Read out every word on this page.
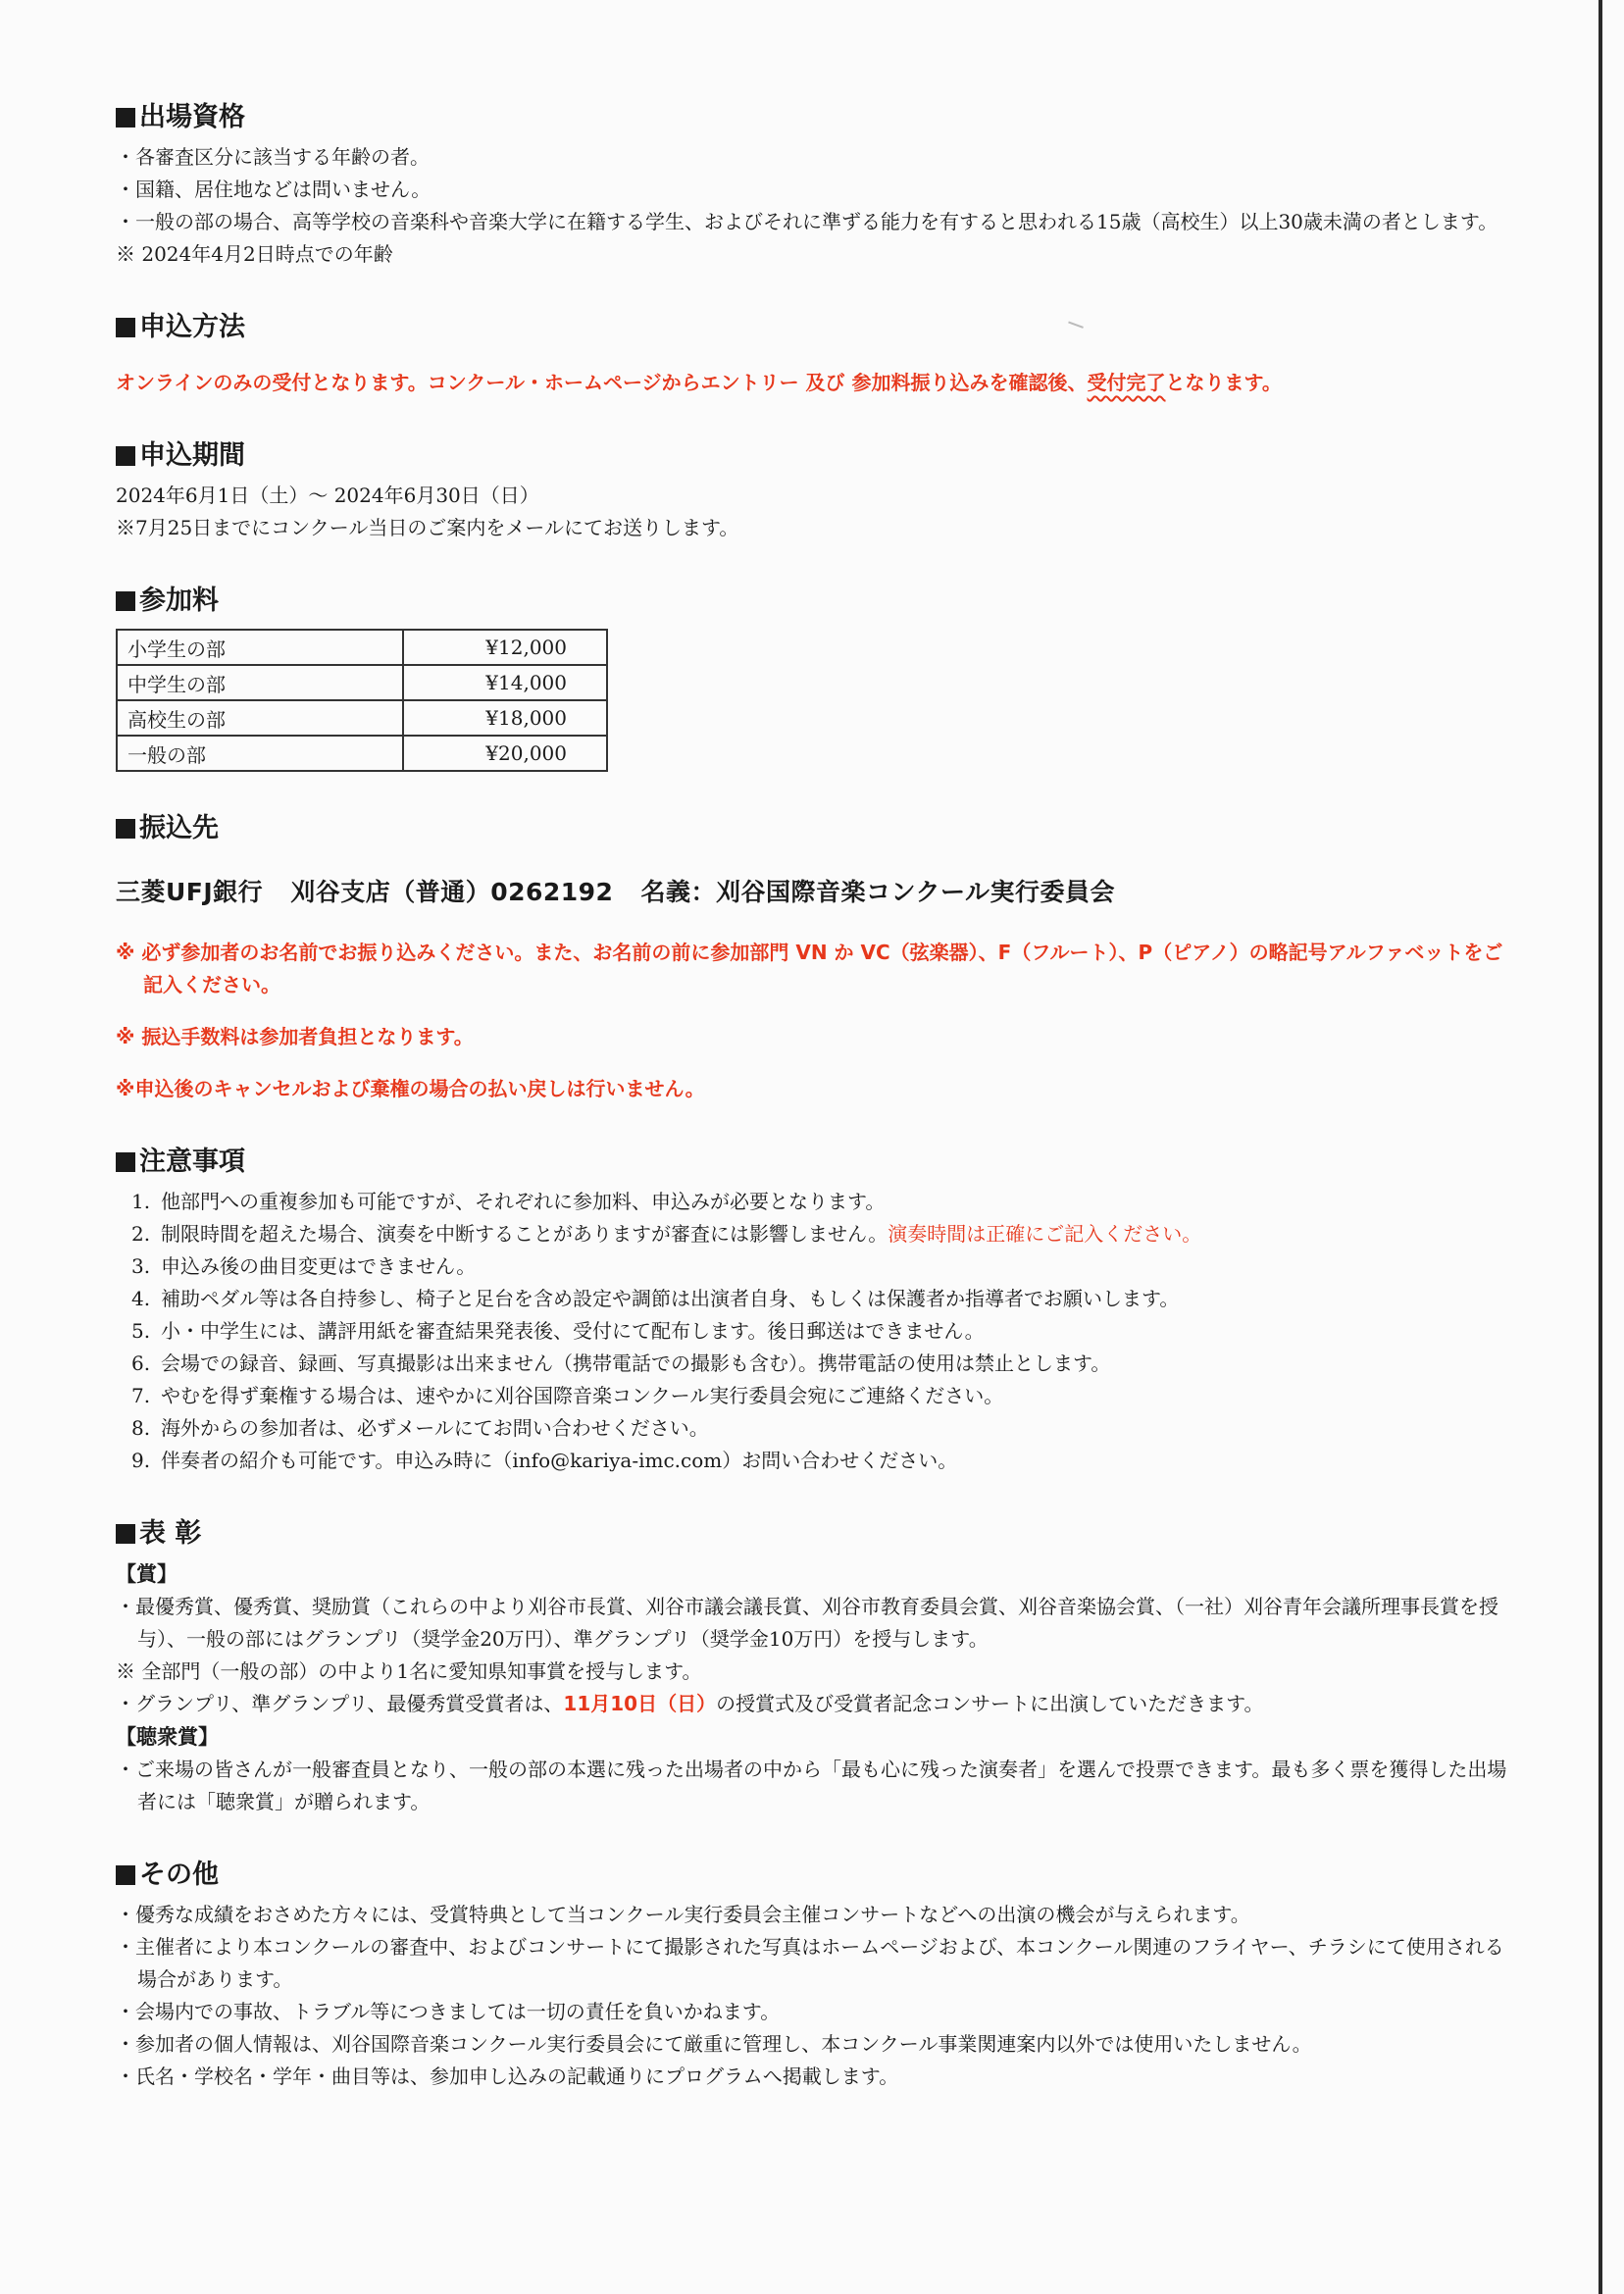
出場資格

・各審査区分に該当する年齢の者。

・国籍、居住地などは問いません。

・一般の部の場合、高等学校の音楽科や音楽大学に在籍する学生、およびそれに準ずる能力を有すると思われる15歳（高校生）以上30歳未満の者とします。

※ 2024年4月2日時点での年齢

申込方法

オンラインのみの受付となります。コンクール・ホームページからエントリー 及び 参加料振り込みを確認後、受付完了となります。

申込期間

2024年6月1日（土）～ 2024年6月30日（日）

※7月25日までにコンクール当日のご案内をメールにてお送りします。

参加料
小学生の部	¥12,000
中学生の部	¥14,000
高校生の部	¥18,000
一般の部	¥20,000
振込先

三菱UFJ銀行 刈谷支店（普通）0262192 名義：刈谷国際音楽コンクール実行委員会

※ 必ず参加者のお名前でお振り込みください。また、お名前の前に参加部門 VN か VC（弦楽器）、F（フルート）、P（ピアノ）の略記号アルファベットをご記入ください。

※ 振込手数料は参加者負担となります。

※申込後のキャンセルおよび棄権の場合の払い戻しは行いません。

注意事項
1. 他部門への重複参加も可能ですが、それぞれに参加料、申込みが必要となります。
2. 制限時間を超えた場合、演奏を中断することがありますが審査には影響しません。演奏時間は正確にご記入ください。
3. 申込み後の曲目変更はできません。
4. 補助ペダル等は各自持参し、椅子と足台を含め設定や調節は出演者自身、もしくは保護者か指導者でお願いします。
5. 小・中学生には、講評用紙を審査結果発表後、受付にて配布します。後日郵送はできません。
6. 会場での録音、録画、写真撮影は出来ません（携帯電話での撮影も含む）。携帯電話の使用は禁止とします。
7. やむを得ず棄権する場合は、速やかに刈谷国際音楽コンクール実行委員会宛にご連絡ください。
8. 海外からの参加者は、必ずメールにてお問い合わせください。
9. 伴奏者の紹介も可能です。申込み時に（info@kariya-imc.com）お問い合わせください。
表 彰

【賞】

・最優秀賞、優秀賞、奨励賞（これらの中より刈谷市長賞、刈谷市議会議長賞、刈谷市教育委員会賞、刈谷音楽協会賞、（一社）刈谷青年会議所理事長賞を授与）、一般の部にはグランプリ（奨学金20万円）、準グランプリ（奨学金10万円）を授与します。

※ 全部門（一般の部）の中より1名に愛知県知事賞を授与します。

・グランプリ、準グランプリ、最優秀賞受賞者は、11月10日（日）の授賞式及び受賞者記念コンサートに出演していただきます。

【聴衆賞】

・ご来場の皆さんが一般審査員となり、一般の部の本選に残った出場者の中から「最も心に残った演奏者」を選んで投票できます。最も多く票を獲得した出場者には「聴衆賞」が贈られます。

その他

・優秀な成績をおさめた方々には、受賞特典として当コンクール実行委員会主催コンサートなどへの出演の機会が与えられます。

・主催者により本コンクールの審査中、およびコンサートにて撮影された写真はホームページおよび、本コンクール関連のフライヤー、チラシにて使用される場合があります。

・会場内での事故、トラブル等につきましては一切の責任を負いかねます。

・参加者の個人情報は、刈谷国際音楽コンクール実行委員会にて厳重に管理し、本コンクール事業関連案内以外では使用いたしません。

・氏名・学校名・学年・曲目等は、参加申し込みの記載通りにプログラムへ掲載します。
